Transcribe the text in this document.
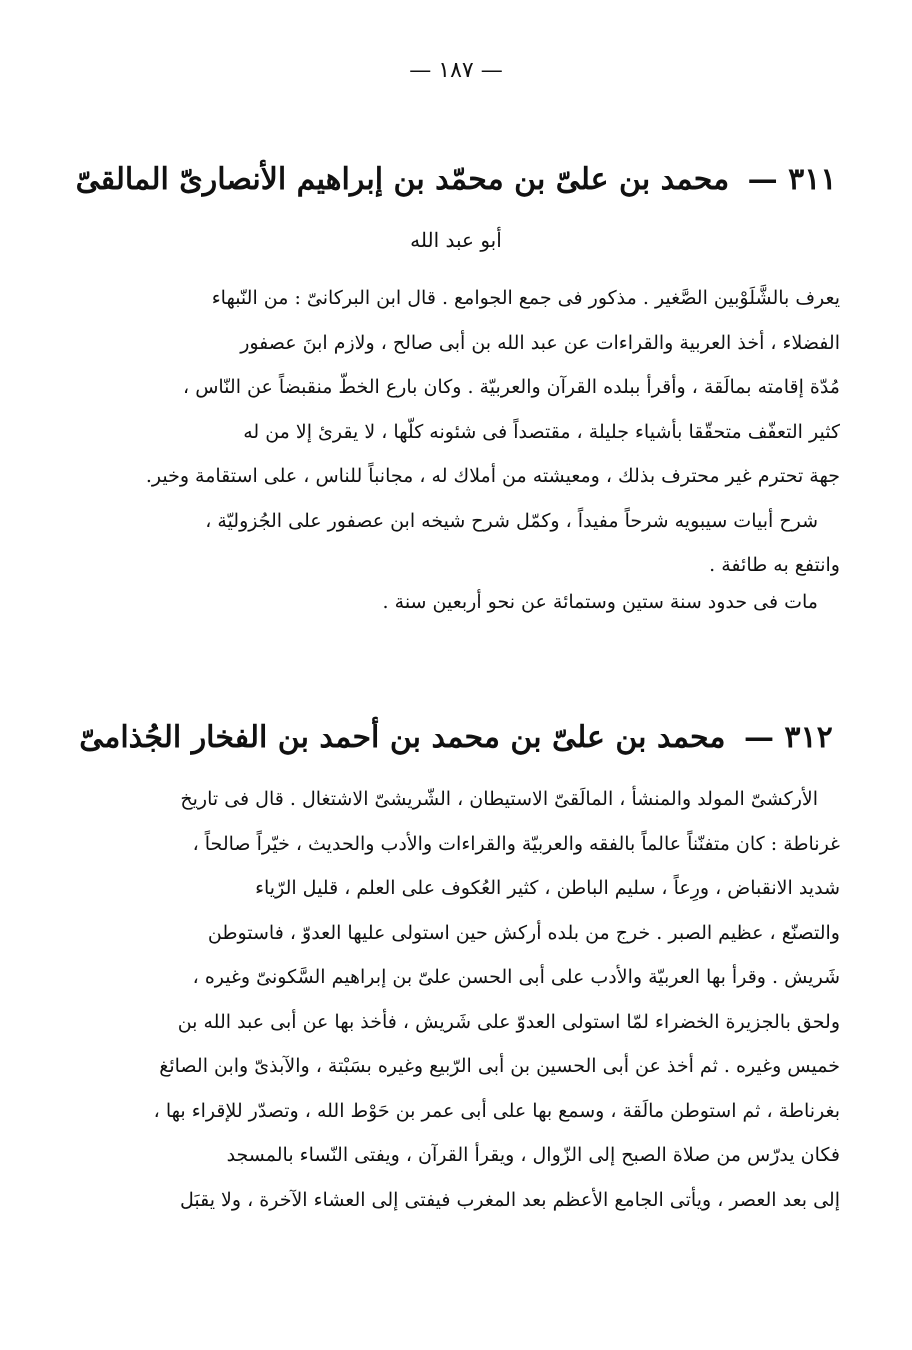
— ١٨٧ —
٣١١ — محمد بن علىّ بن محمّد بن إبراهيم الأنصارىّ المالقىّ
أبو عبد الله
يعرف بالشَّلَوْبين الصَّغير . مذكور فى جمع الجوامع . قال ابن البركانىّ : من النّبهاء
الفضلاء ، أخذ العربية والقراءات عن عبد الله بن أبى صالح ، ولازم ابنَ عصفور
مُدّة إقامته بمالَقة ، وأقرأ ببلده القرآن والعربيّة . وكان بارع الخطّ منقبضاً عن النّاس ،
كثير التعفّف متحقّقا بأشياء جليلة ، مقتصداً فى شئونه كلّها ، لا يقرئ إلا من له
جهة تحترم غير محترف بذلك ، ومعيشته من أملاك له ، مجانباً للناس ، على استقامة وخير.
شرح أبيات سيبويه شرحاً مفيداً ، وكمّل شرح شيخه ابن عصفور على الجُزوليّة ،
وانتفع به طائفة .
مات فى حدود سنة ستين وستمائة عن نحو أربعين سنة .
٣١٢ — محمد بن علىّ بن محمد بن أحمد بن الفخار الجُذامىّ
الأركشىّ المولد والمنشأ ، المالَقىّ الاستيطان ، الشّريشىّ الاشتغال . قال فى تاريخ
غرناطة : كان متفنّناً عالماً بالفقه والعربيّة والقراءات والأدب والحديث ، خيّراً صالحاً ،
شديد الانقباض ، ورِعاً ، سليم الباطن ، كثير العُكوف على العلم ، قليل الرّياء
والتصنّع ، عظيم الصبر . خرج من بلده أركش حين استولى عليها العدوّ ، فاستوطن
شَريش . وقرأ بها العربيّة والأدب على أبى الحسن علىّ بن إبراهيم السَّكونىّ وغيره ،
ولحق بالجزيرة الخضراء لمّا استولى العدوّ على شَريش ، فأخذ بها عن أبى عبد الله بن
خميس وغيره . ثم أخذ عن أبى الحسين بن أبى الرّبيع وغيره بسَبْتة ، والآبذىّ وابن الصائغ
بغرناطة ، ثم استوطن مالَقة ، وسمع بها على أبى عمر بن حَوْط الله ، وتصدّر للإقراء بها ،
فكان يدرّس من صلاة الصبح إلى الزّوال ، ويقرأ القرآن ، ويفتى النّساء بالمسجد
إلى بعد العصر ، ويأتى الجامع الأعظم بعد المغرب فيفتى إلى العشاء الآخرة ، ولا يقبَل
